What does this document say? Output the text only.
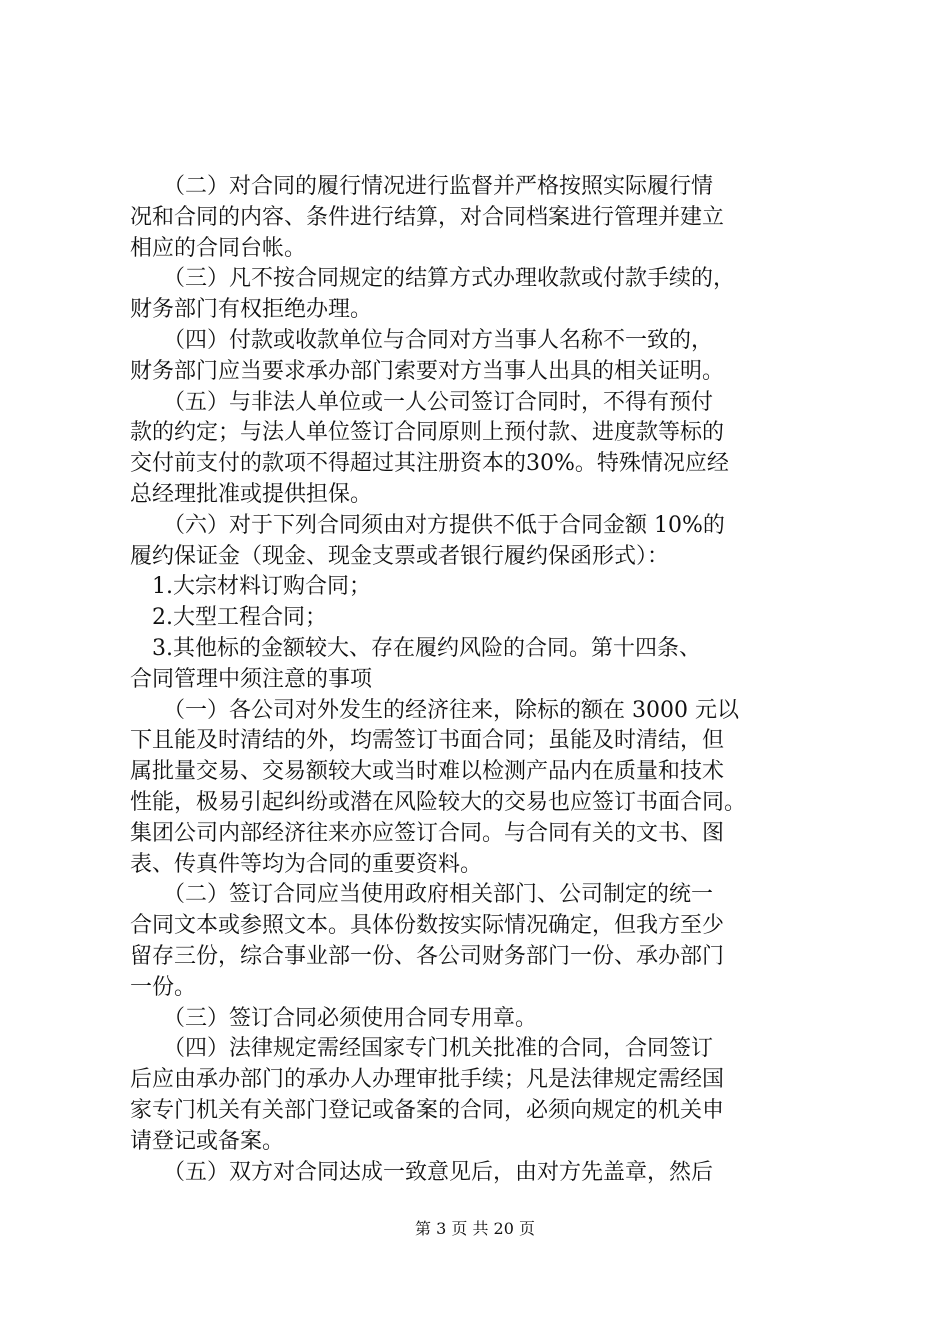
　　（二）对合同的履行情况进行监督并严格按照实际履行情
况和合同的内容、条件进行结算，对合同档案进行管理并建立
相应的合同台帐。
　　（三）凡不按合同规定的结算方式办理收款或付款手续的，
财务部门有权拒绝办理。
　　（四）付款或收款单位与合同对方当事人名称不一致的，
财务部门应当要求承办部门索要对方当事人出具的相关证明。
　　（五）与非法人单位或一人公司签订合同时，不得有预付
款的约定；与法人单位签订合同原则上预付款、进度款等标的
交付前支付的款项不得超过其注册资本的30%。特殊情况应经
总经理批准或提供担保。
　　（六）对于下列合同须由对方提供不低于合同金额 10%的
履约保证金（现金、现金支票或者银行履约保函形式）：
　1.大宗材料订购合同；
　2.大型工程合同；
　3.其他标的金额较大、存在履约风险的合同。第十四条、
合同管理中须注意的事项
　　（一）各公司对外发生的经济往来，除标的额在 3000 元以
下且能及时清结的外，均需签订书面合同；虽能及时清结，但
属批量交易、交易额较大或当时难以检测产品内在质量和技术
性能，极易引起纠纷或潜在风险较大的交易也应签订书面合同。
集团公司内部经济往来亦应签订合同。与合同有关的文书、图
表、传真件等均为合同的重要资料。
　　（二）签订合同应当使用政府相关部门、公司制定的统一
合同文本或参照文本。具体份数按实际情况确定，但我方至少
留存三份，综合事业部一份、各公司财务部门一份、承办部门
一份。
　　（三）签订合同必须使用合同专用章。
　　（四）法律规定需经国家专门机关批准的合同，合同签订
后应由承办部门的承办人办理审批手续；凡是法律规定需经国
家专门机关有关部门登记或备案的合同，必须向规定的机关申
请登记或备案。
　　（五）双方对合同达成一致意见后，由对方先盖章，然后
第 3 页 共 20 页
